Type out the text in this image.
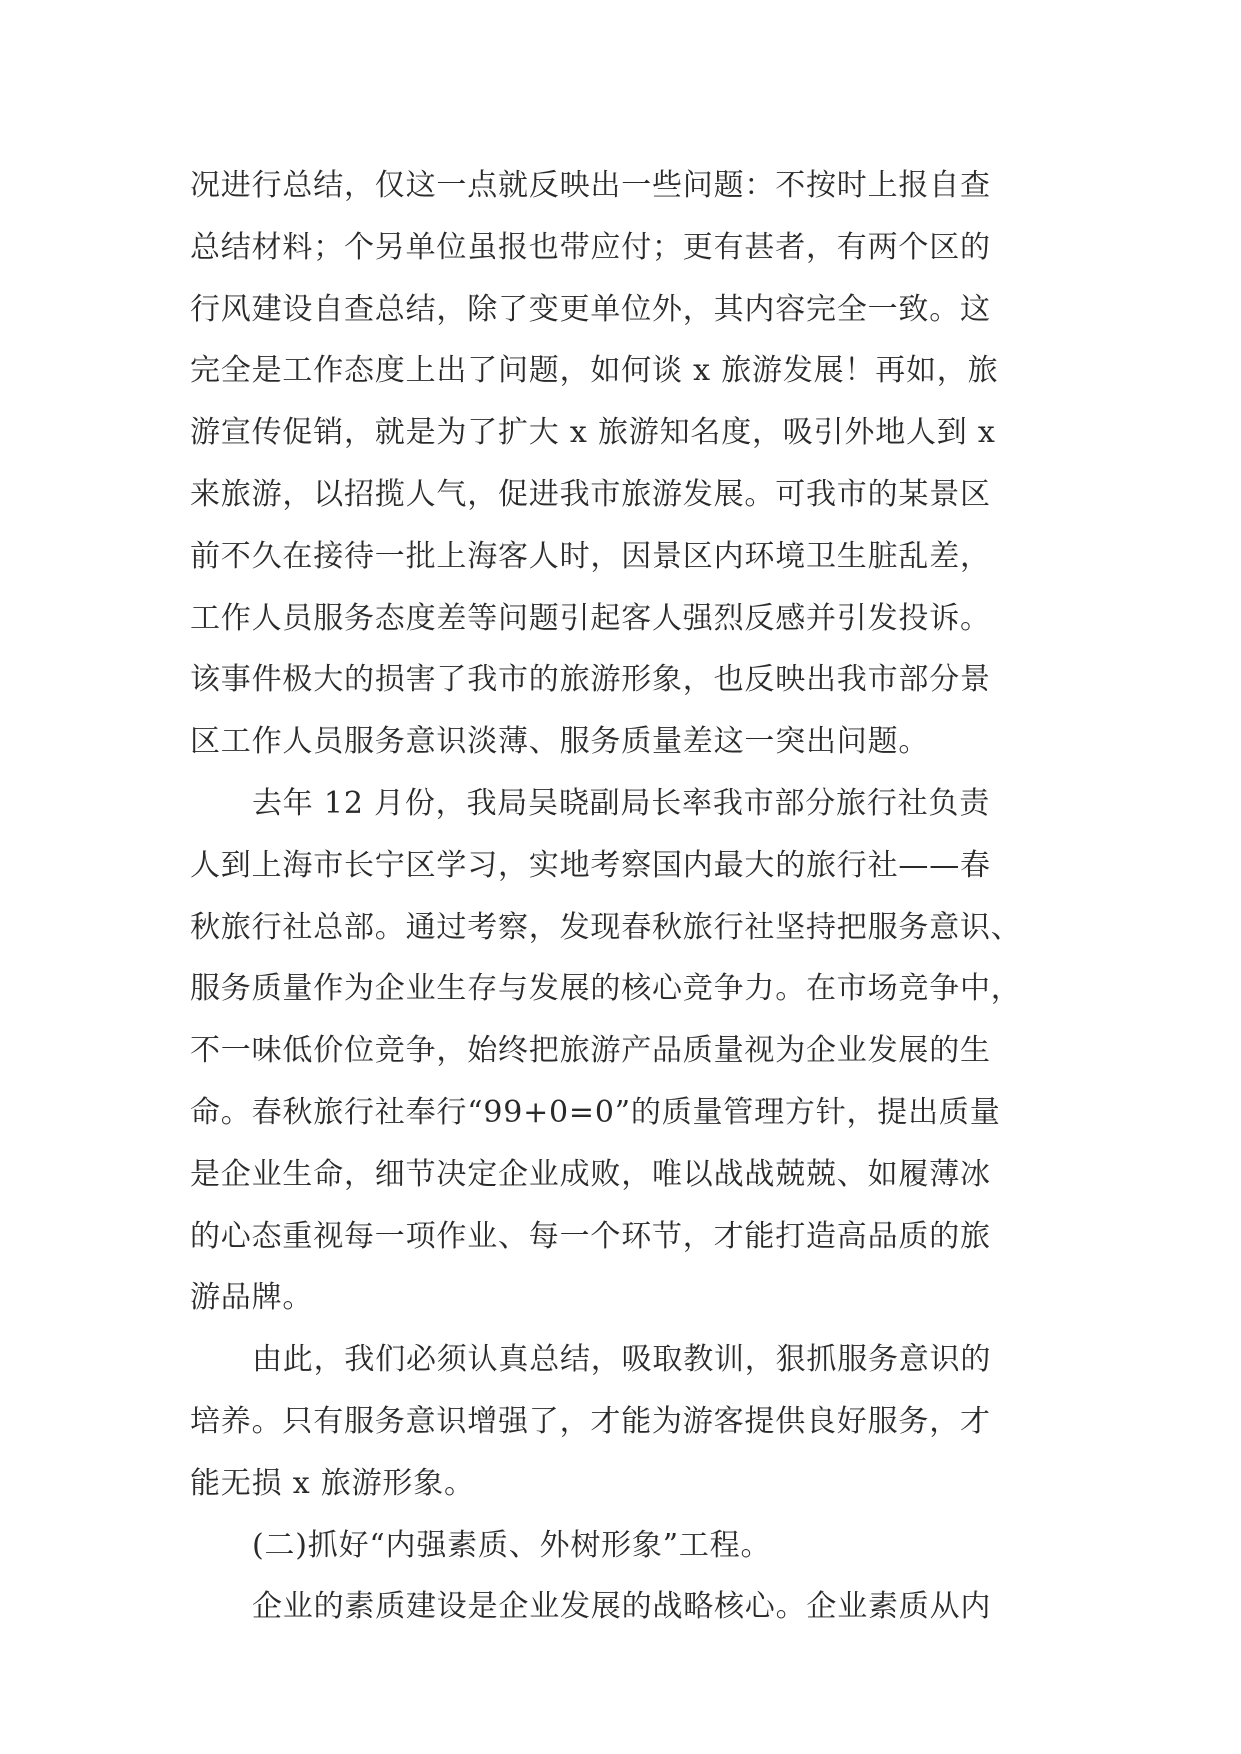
况进行总结，仅这一点就反映出一些问题：不按时上报自查
总结材料；个另单位虽报也带应付；更有甚者，有两个区的
行风建设自查总结，除了变更单位外，其内容完全一致。这
完全是工作态度上出了问题，如何谈 x 旅游发展！再如，旅
游宣传促销，就是为了扩大 x 旅游知名度，吸引外地人到 x
来旅游，以招揽人气，促进我市旅游发展。可我市的某景区
前不久在接待一批上海客人时，因景区内环境卫生脏乱差，
工作人员服务态度差等问题引起客人强烈反感并引发投诉。
该事件极大的损害了我市的旅游形象，也反映出我市部分景
区工作人员服务意识淡薄、服务质量差这一突出问题。
去年 12 月份，我局吴晓副局长率我市部分旅行社负责
人到上海市长宁区学习，实地考察国内最大的旅行社——春
秋旅行社总部。通过考察，发现春秋旅行社坚持把服务意识、
服务质量作为企业生存与发展的核心竞争力。在市场竞争中，
不一味低价位竞争，始终把旅游产品质量视为企业发展的生
命。春秋旅行社奉行“99+0=0”的质量管理方针，提出质量
是企业生命，细节决定企业成败，唯以战战兢兢、如履薄冰
的心态重视每一项作业、每一个环节，才能打造高品质的旅
游品牌。
由此，我们必须认真总结，吸取教训，狠抓服务意识的
培养。只有服务意识增强了，才能为游客提供良好服务，才
能无损 x 旅游形象。
(二)抓好“内强素质、外树形象”工程。
企业的素质建设是企业发展的战略核心。企业素质从内
